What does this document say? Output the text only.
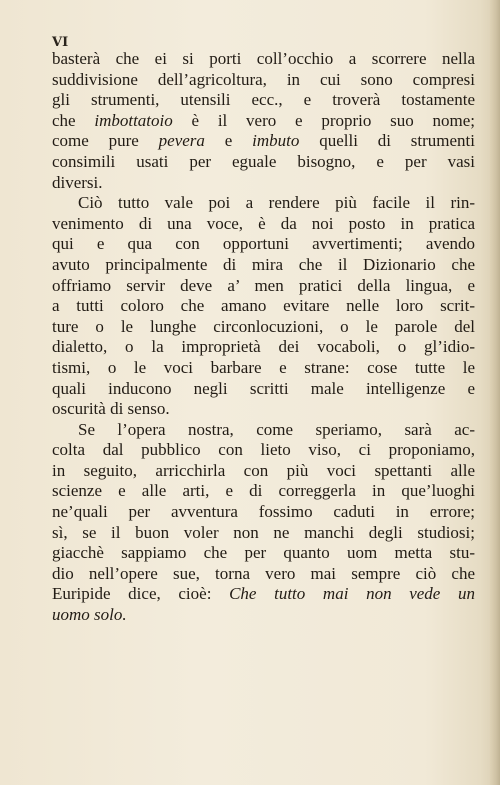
VI
basterà che ei si porti coll’occhio a scorrere nella
suddivisione dell’agricoltura, in cui sono compresi
gli strumenti, utensili ecc., e troverà tostamente
che imbottatoio è il vero e proprio suo nome;
come pure pevera e imbuto quelli di strumenti
consimili usati per eguale bisogno, e per vasi
diversi.
Ciò tutto vale poi a rendere più facile il rin-
venimento di una voce, è da noi posto in pratica
qui e qua con opportuni avvertimenti; avendo
avuto principalmente di mira che il Dizionario che
offriamo servir deve a’ men pratici della lingua, e
a tutti coloro che amano evitare nelle loro scrit-
ture o le lunghe circonlocuzioni, o le parole del
dialetto, o la improprietà dei vocaboli, o gl’idio-
tismi, o le voci barbare e strane: cose tutte le
quali inducono negli scritti male intelligenze e
oscurità di senso.
Se l’opera nostra, come speriamo, sarà ac-
colta dal pubblico con lieto viso, ci proponiamo,
in seguito, arricchirla con più voci spettanti alle
scienze e alle arti, e di correggerla in que’luoghi
ne’quali per avventura fossimo caduti in errore;
sì, se il buon voler non ne manchi degli studiosi;
giacchè sappiamo che per quanto uom metta stu-
dio nell’opere sue, torna vero mai sempre ciò che
Euripide dice, cioè: Che tutto mai non vede un
uomo solo.
